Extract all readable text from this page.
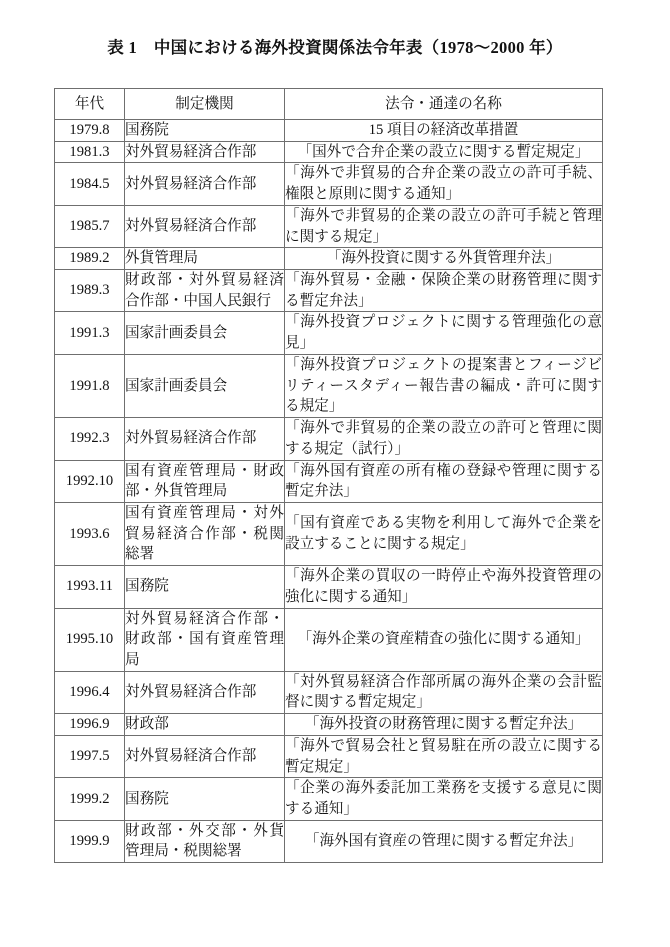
表 1　中国における海外投資関係法令年表（1978〜2000 年）
年代	制定機関	法令・通達の名称
1979.8	国務院	15 項目の経済改革措置

1981.3	対外貿易経済合作部	「国外で合弁企業の設立に関する暫定規定」

1984.5	対外貿易経済合作部	「海外で非貿易的合弁企業の設立の許可手続、権限と原則に関する通知」

1985.7	対外貿易経済合作部	「海外で非貿易的企業の設立の許可手続と管理に関する規定」

1989.2	外貨管理局	「海外投資に関する外貨管理弁法」

1989.3	財政部・対外貿易経済合作部・中国人民銀行	「海外貿易・金融・保険企業の財務管理に関する暫定弁法」

1991.3	国家計画委員会	「海外投資プロジェクトに関する管理強化の意見」

1991.8	国家計画委員会	「海外投資プロジェクトの提案書とフィージビリティースタディー報告書の編成・許可に関する規定」

1992.3	対外貿易経済合作部	「海外で非貿易的企業の設立の許可と管理に関する規定（試行）」

1992.10	国有資産管理局・財政部・外貨管理局	「海外国有資産の所有権の登録や管理に関する暫定弁法」

1993.6	国有資産管理局・対外貿易経済合作部・税関総署	「国有資産である実物を利用して海外で企業を設立することに関する規定」

1993.11	国務院	「海外企業の買収の一時停止や海外投資管理の強化に関する通知」

1995.10	対外貿易経済合作部・財政部・国有資産管理局	「海外企業の資産精査の強化に関する通知」

1996.4	対外貿易経済合作部	「対外貿易経済合作部所属の海外企業の会計監督に関する暫定規定」

1996.9	財政部	「海外投資の財務管理に関する暫定弁法」

1997.5	対外貿易経済合作部	「海外で貿易会社と貿易駐在所の設立に関する暫定規定」

1999.2	国務院	「企業の海外委託加工業務を支援する意見に関する通知」

1999.9	財政部・外交部・外貨管理局・税関総署	「海外国有資産の管理に関する暫定弁法」
